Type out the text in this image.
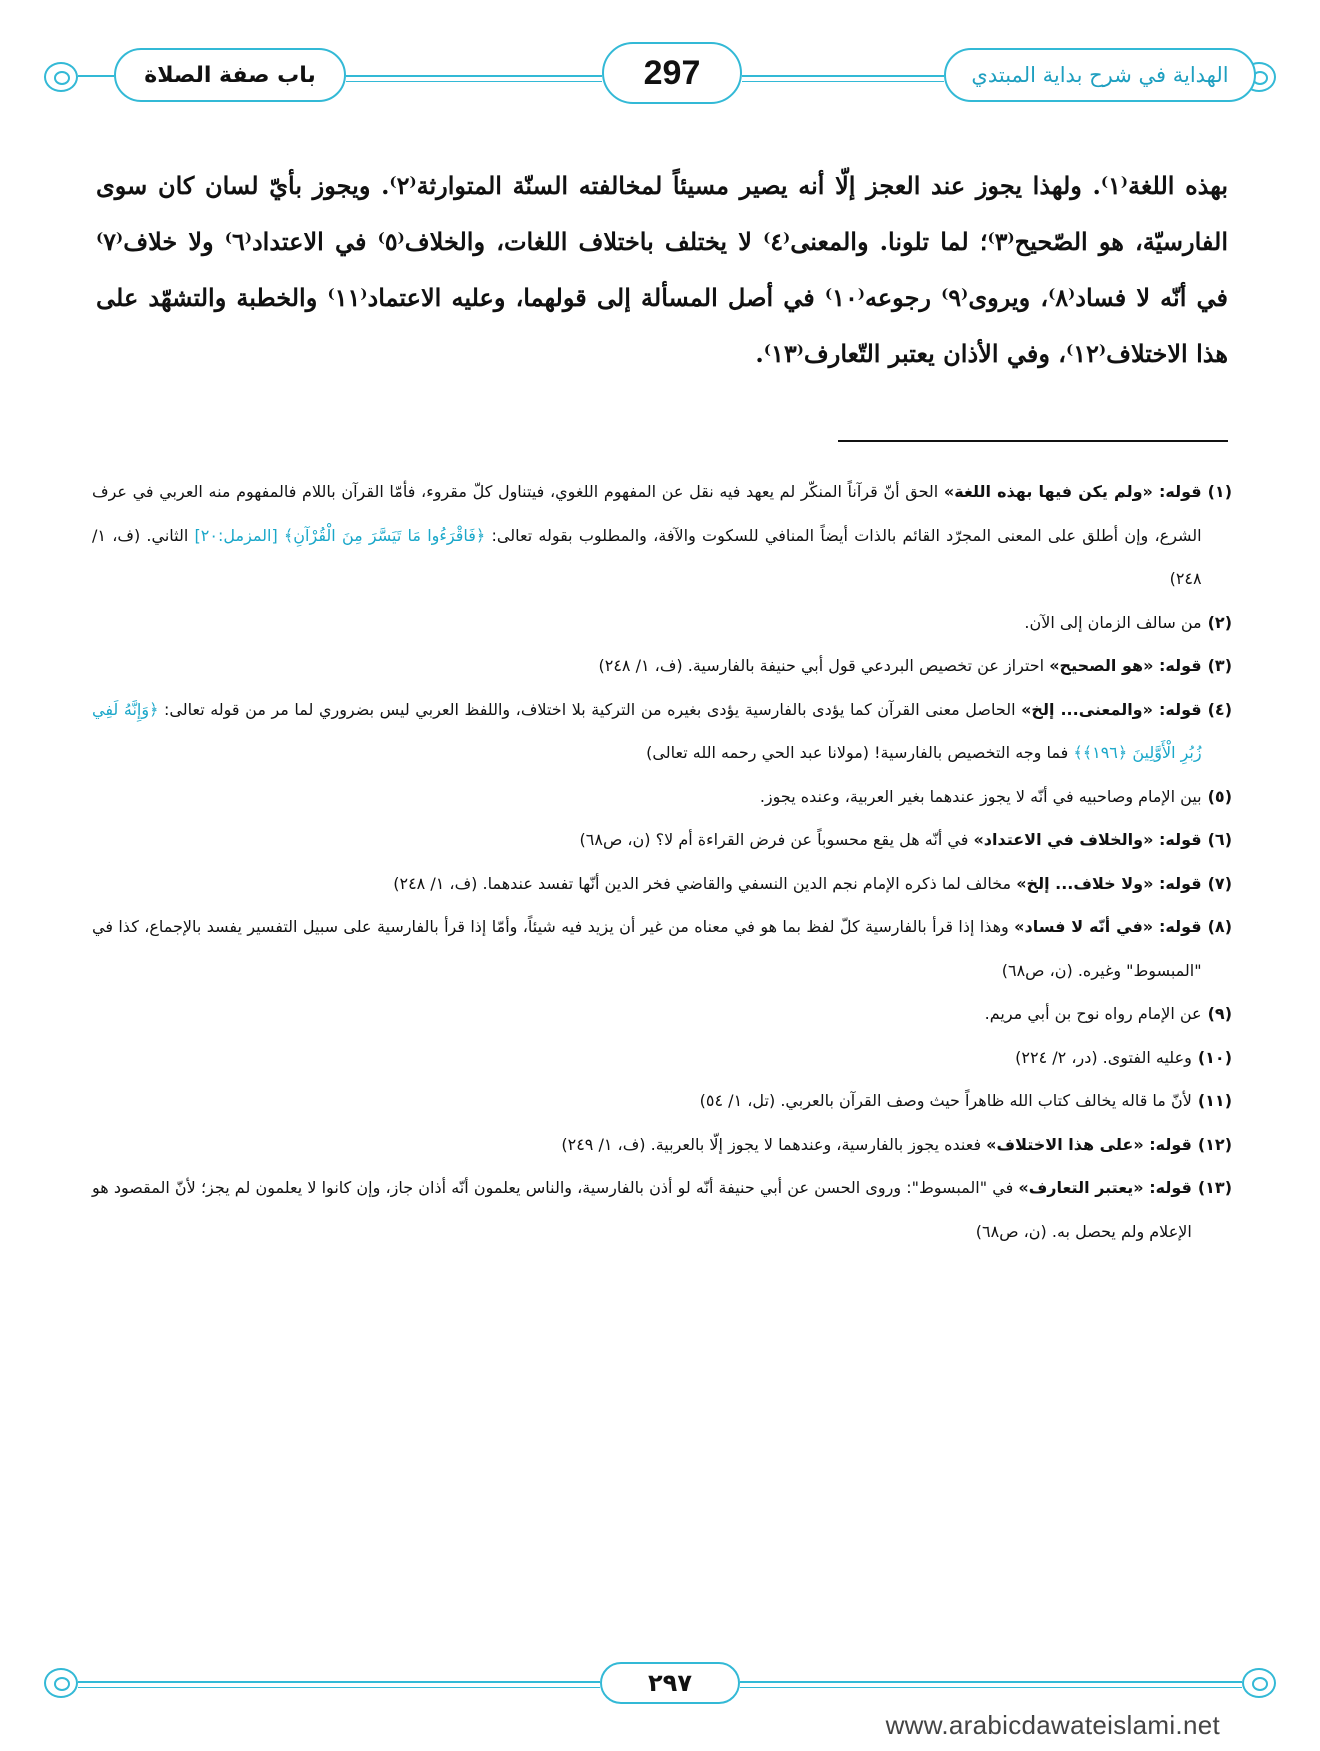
باب صفة الصلاة	297	الهداية في شرح بداية المبتدي

بهذه اللغة⁽١⁾. ولهذا يجوز عند العجز إلّا أنه يصير مسيئاً لمخالفته السنّة المتوارثة⁽٢⁾. ويجوز بأيّ لسان كان سوى الفارسيّة، هو الصّحيح⁽٣⁾؛ لما تلونا. والمعنى⁽٤⁾ لا يختلف باختلاف اللغات، والخلاف⁽٥⁾ في الاعتداد⁽٦⁾ ولا خلاف⁽٧⁾ في أنّه لا فساد⁽٨⁾، ويروى⁽٩⁾ رجوعه⁽١٠⁾ في أصل المسألة إلى قولهما، وعليه الاعتماد⁽١١⁾ والخطبة والتشهّد على هذا الاختلاف⁽١٢⁾، وفي الأذان يعتبر التّعارف⁽١٣⁾.

(١)
قوله: «ولم يكن فيها بهذه اللغة» الحق أنّ قرآناً المنكّر لم يعهد فيه نقل عن المفهوم اللغوي، فيتناول كلّ مقروء، فأمّا القرآن باللام فالمفهوم منه العربي في عرف الشرع، وإن أطلق على المعنى المجرّد القائم بالذات أيضاً المنافي للسكوت والآفة، والمطلوب بقوله تعالى: ﴿فَاقْرَءُوا مَا تَيَسَّرَ مِنَ الْقُرْآنِ﴾ [المزمل:٢٠] الثاني. (ف، ١/ ٢٤٨)
(٢)
من سالف الزمان إلى الآن.
(٣)
قوله: «هو الصحيح» احتراز عن تخصيص البردعي قول أبي حنيفة بالفارسية. (ف، ١/ ٢٤٨)
(٤)
قوله: «والمعنى... إلخ» الحاصل معنى القرآن كما يؤدى بالفارسية يؤدى بغيره من التركية بلا اختلاف، واللفظ العربي ليس بضروري لما مر من قوله تعالى: ﴿وَإِنَّهُ لَفِي زُبُرِ الْأَوَّلِينَ ﴿١٩٦﴾﴾ فما وجه التخصيص بالفارسية! (مولانا عبد الحي رحمه الله تعالى)
(٥)
بين الإمام وصاحبيه في أنّه لا يجوز عندهما بغير العربية، وعنده يجوز.
(٦)
قوله: «والخلاف في الاعتداد» في أنّه هل يقع محسوباً عن فرض القراءة أم لا؟ (ن، ص٦٨)
(٧)
قوله: «ولا خلاف... إلخ» مخالف لما ذكره الإمام نجم الدين النسفي والقاضي فخر الدين أنّها تفسد عندهما. (ف، ١/ ٢٤٨)
(٨)
قوله: «في أنّه لا فساد» وهذا إذا قرأ بالفارسية كلّ لفظ بما هو في معناه من غير أن يزيد فيه شيئاً، وأمّا إذا قرأ بالفارسية على سبيل التفسير يفسد بالإجماع، كذا في "المبسوط" وغيره. (ن، ص٦٨)
(٩)
عن الإمام رواه نوح بن أبي مريم.
(١٠)
وعليه الفتوى. (در، ٢/ ٢٢٤)
(١١)
لأنّ ما قاله يخالف كتاب الله ظاهراً حيث وصف القرآن بالعربي. (تل، ١/ ٥٤)
(١٢)
قوله: «على هذا الاختلاف» فعنده يجوز بالفارسية، وعندهما لا يجوز إلّا بالعربية. (ف، ١/ ٢٤٩)
(١٣)
قوله: «يعتبر التعارف» في "المبسوط": وروى الحسن عن أبي حنيفة أنّه لو أذن بالفارسية، والناس يعلمون أنّه أذان جاز، وإن كانوا لا يعلمون لم يجز؛ لأنّ المقصود هو الإعلام ولم يحصل به. (ن، ص٦٨)
٢٩٧
www.arabicdawateislami.net
